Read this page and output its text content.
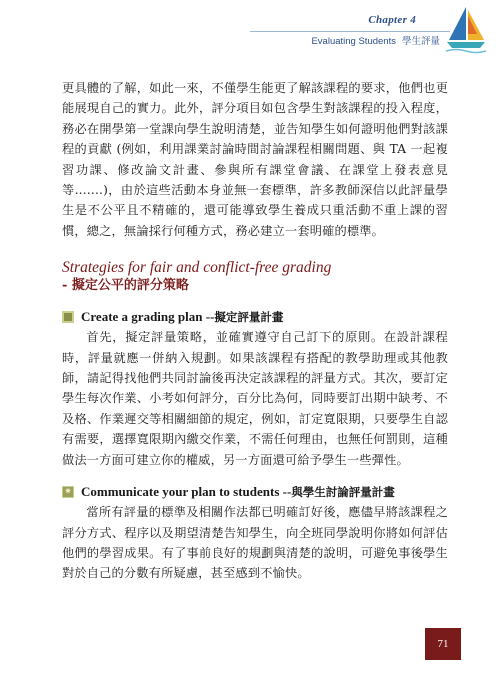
Chapter 4
Evaluating Students 學生評量

更具體的了解，如此一來，不僅學生能更了解該課程的要求，他們也更能展現自己的實力。此外，評分項目如包含學生對該課程的投入程度，務必在開學第一堂課向學生說明清楚，並告知學生如何證明他們對該課程的貢獻 (例如，利用課業討論時間討論課程相關問題、與 TA 一起複習功課、修改論文計畫、參與所有課堂會議、在課堂上發表意見等.......)，由於這些活動本身並無一套標準，許多教師深信以此評量學生是不公平且不精確的，還可能導致學生養成只重活動不重上課的習慣，總之，無論採行何種方式，務必建立一套明確的標準。

Strategies for fair and conflict-free grading
- 擬定公平的評分策略
Create a grading plan --擬定評量計畫

首先，擬定評量策略，並確實遵守自己訂下的原則。在設計課程時，評量就應一併納入規劃。如果該課程有搭配的教學助理或其他教師，請記得找他們共同討論後再決定該課程的評量方式。其次，要訂定學生每次作業、小考如何評分，百分比為何，同時要訂出期中缺考、不及格、作業遲交等相關細節的規定，例如，訂定寬限期，只要學生自認有需要，選擇寬限期內繳交作業，不需任何理由，也無任何罰則，這種做法一方面可建立你的權威，另一方面還可給予學生一些彈性。

✷ Communicate your plan to students --與學生討論評量計畫

當所有評量的標準及相關作法都已明確訂好後，應儘早將該課程之評分方式、程序以及期望清楚告知學生，向全班同學說明你將如何評估他們的學習成果。有了事前良好的規劃與清楚的說明，可避免事後學生對於自己的分數有所疑慮，甚至感到不愉快。

71
